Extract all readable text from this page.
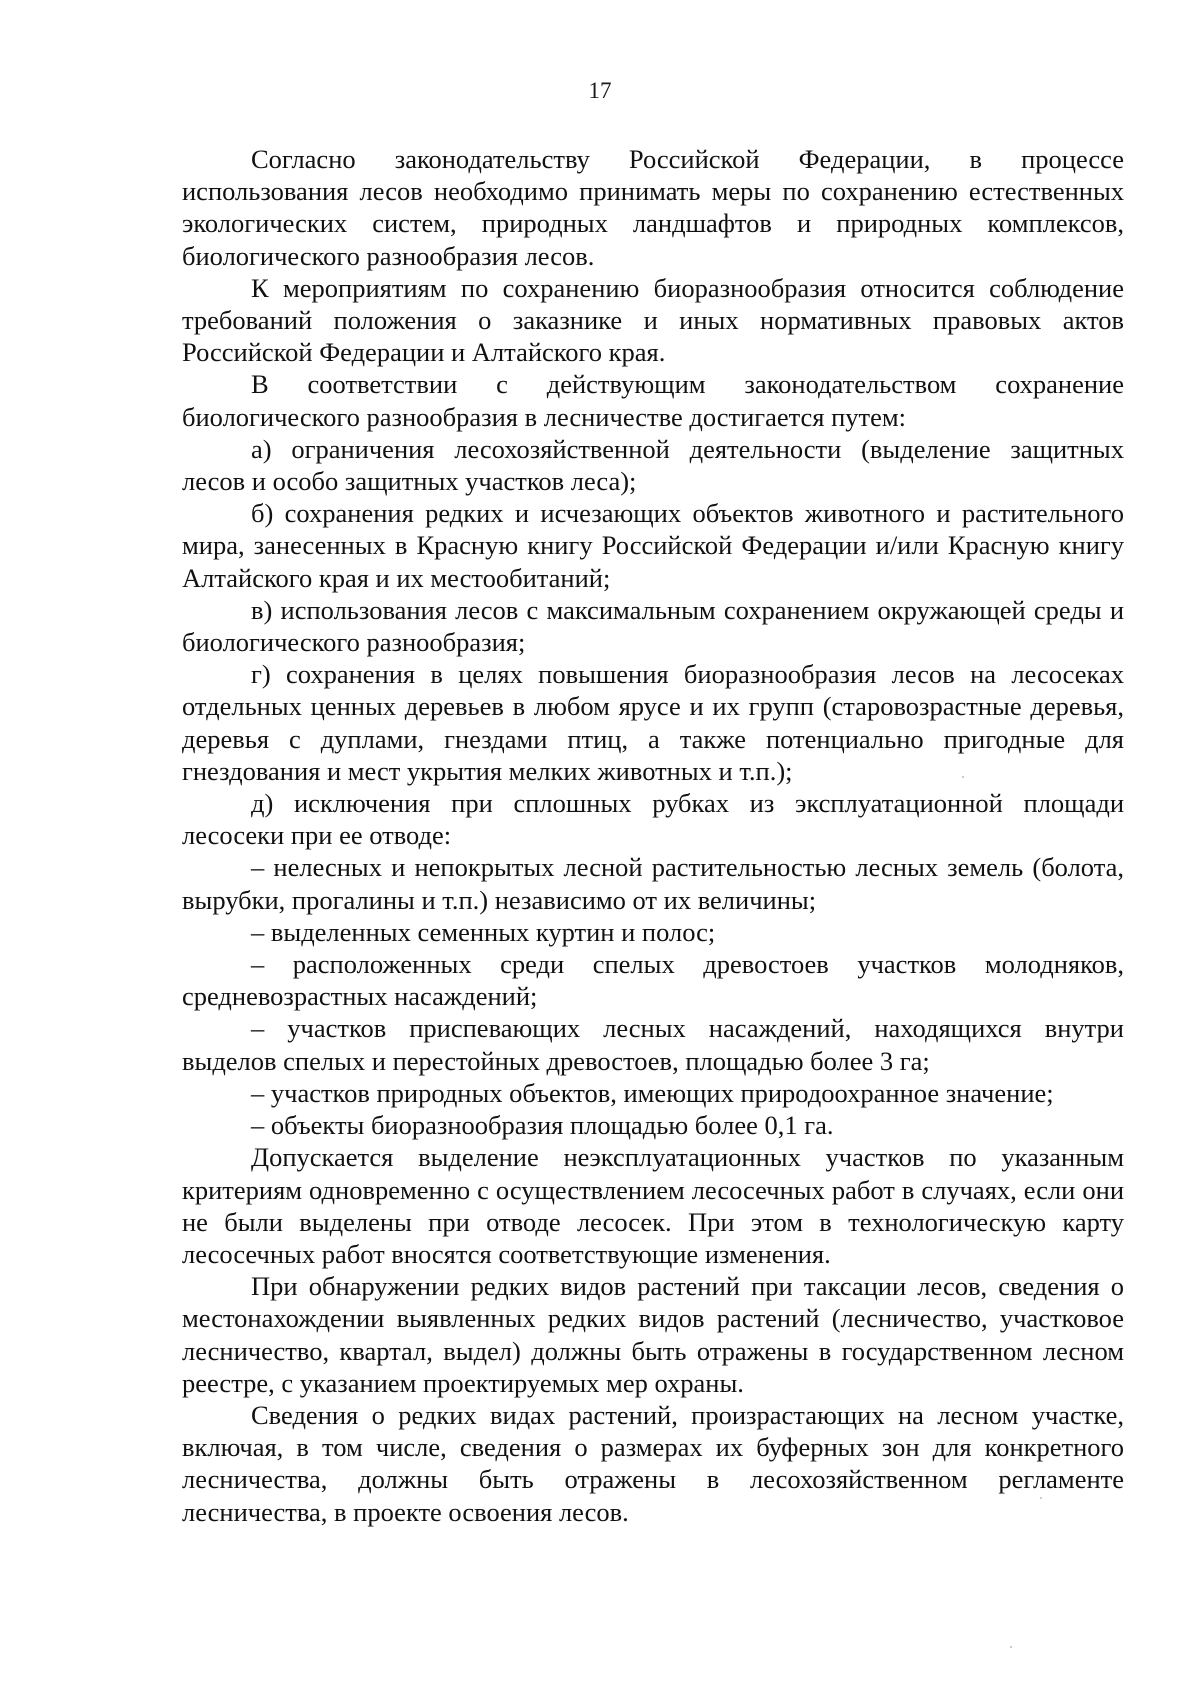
17

Согласно законодательству Российской Федерации, в процессе использования лесов необходимо принимать меры по сохранению естественных экологических систем, природных ландшафтов и природных комплексов, биологического разнообразия лесов.

К мероприятиям по сохранению биоразнообразия относится соблюдение требований положения о заказнике и иных нормативных правовых актов Российской Федерации и Алтайского края.

В соответствии с действующим законодательством сохранение биологического разнообразия в лесничестве достигается путем:

а) ограничения лесохозяйственной деятельности (выделение защитных лесов и особо защитных участков леса);

б) сохранения редких и исчезающих объектов животного и растительного мира, занесенных в Красную книгу Российской Федерации и/или Красную книгу Алтайского края и их местообитаний;

в) использования лесов с максимальным сохранением окружающей среды и биологического разнообразия;

г) сохранения в целях повышения биоразнообразия лесов на лесосеках отдельных ценных деревьев в любом ярусе и их групп (старовозрастные деревья, деревья с дуплами, гнездами птиц, а также потенциально пригодные для гнездования и мест укрытия мелких животных и т.п.);

д) исключения при сплошных рубках из эксплуатационной площади лесосеки при ее отводе:

– нелесных и непокрытых лесной растительностью лесных земель (болота, вырубки, прогалины и т.п.) независимо от их величины;

– выделенных семенных куртин и полос;

– расположенных среди спелых древостоев участков молодняков, средневозрастных насаждений;

– участков приспевающих лесных насаждений, находящихся внутри выделов спелых и перестойных древостоев, площадью более 3 га;

– участков природных объектов, имеющих природоохранное значение;

– объекты биоразнообразия площадью более 0,1 га.

Допускается выделение неэксплуатационных участков по указанным критериям одновременно с осуществлением лесосечных работ в случаях, если они не были выделены при отводе лесосек. При этом в технологическую карту лесосечных работ вносятся соответствующие изменения.

При обнаружении редких видов растений при таксации лесов, сведения о местонахождении выявленных редких видов растений (лесничество, участковое лесничество, квартал, выдел) должны быть отражены в государственном лесном реестре, с указанием проектируемых мер охраны.

Сведения о редких видах растений, произрастающих на лесном участке, включая, в том числе, сведения о размерах их буферных зон для конкретного лесничества, должны быть отражены в лесохозяйственном регламенте лесничества, в проекте освоения лесов.
